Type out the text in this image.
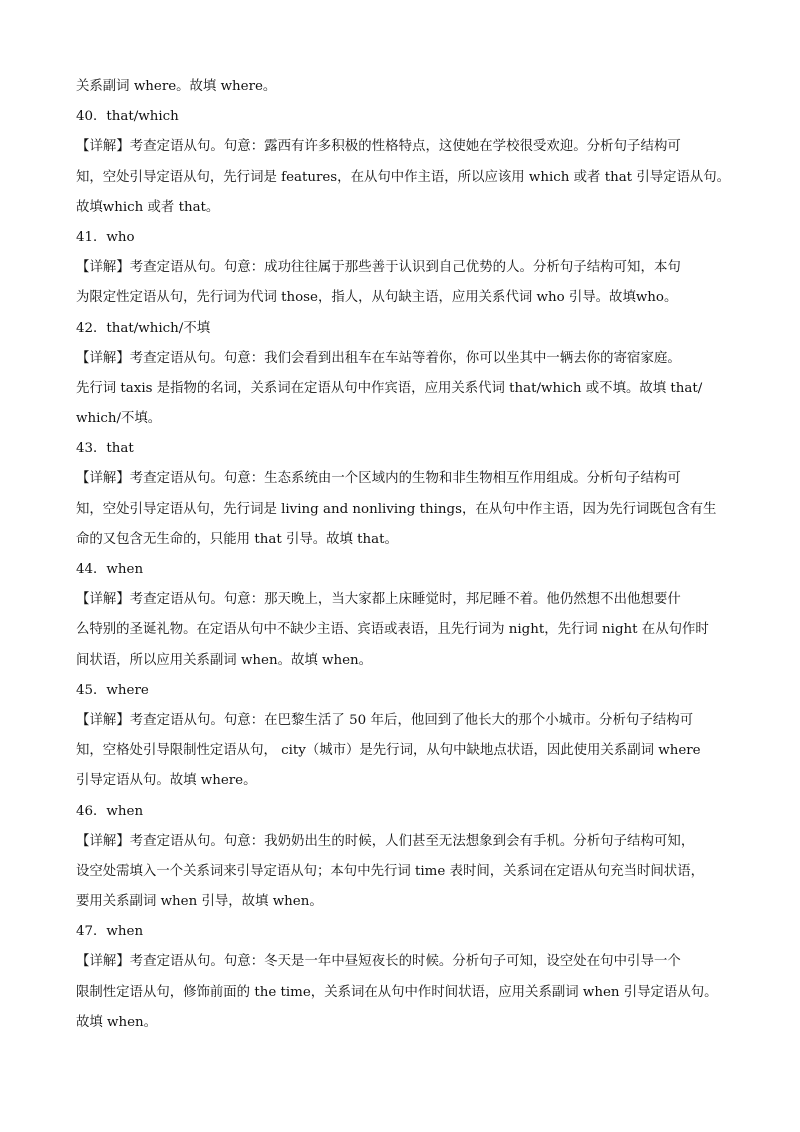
关系副词 where。故填 where。
40．that/which
【详解】考查定语从句。句意：露西有许多积极的性格特点，这使她在学校很受欢迎。分析句子结构可
知，空处引导定语从句，先行词是 features，在从句中作主语，所以应该用 which 或者 that 引导定语从句。
故填which 或者 that。
41．who
【详解】考查定语从句。句意：成功往往属于那些善于认识到自己优势的人。分析句子结构可知，本句
为限定性定语从句，先行词为代词 those，指人，从句缺主语，应用关系代词 who 引导。故填who。
42．that/which/不填
【详解】考查定语从句。句意：我们会看到出租车在车站等着你，你可以坐其中一辆去你的寄宿家庭。
先行词 taxis 是指物的名词，关系词在定语从句中作宾语，应用关系代词 that/which 或不填。故填 that/
which/不填。
43．that
【详解】考查定语从句。句意：生态系统由一个区域内的生物和非生物相互作用组成。分析句子结构可
知，空处引导定语从句，先行词是 living and nonliving things，在从句中作主语，因为先行词既包含有生
命的又包含无生命的，只能用 that 引导。故填 that。
44．when
【详解】考查定语从句。句意：那天晚上，当大家都上床睡觉时，邦尼睡不着。他仍然想不出他想要什
么特别的圣诞礼物。在定语从句中不缺少主语、宾语或表语，且先行词为 night，先行词 night 在从句作时
间状语，所以应用关系副词 when。故填 when。
45．where
【详解】考查定语从句。句意：在巴黎生活了 50 年后，他回到了他长大的那个小城市。分析句子结构可
知，空格处引导限制性定语从句， city（城市）是先行词，从句中缺地点状语，因此使用关系副词 where
引导定语从句。故填 where。
46．when
【详解】考查定语从句。句意：我奶奶出生的时候，人们甚至无法想象到会有手机。分析句子结构可知，
设空处需填入一个关系词来引导定语从句；本句中先行词 time 表时间，关系词在定语从句充当时间状语，
要用关系副词 when 引导，故填 when。
47．when
【详解】考查定语从句。句意：冬天是一年中昼短夜长的时候。分析句子可知，设空处在句中引导一个
限制性定语从句，修饰前面的 the time，关系词在从句中作时间状语，应用关系副词 when 引导定语从句。
故填 when。
